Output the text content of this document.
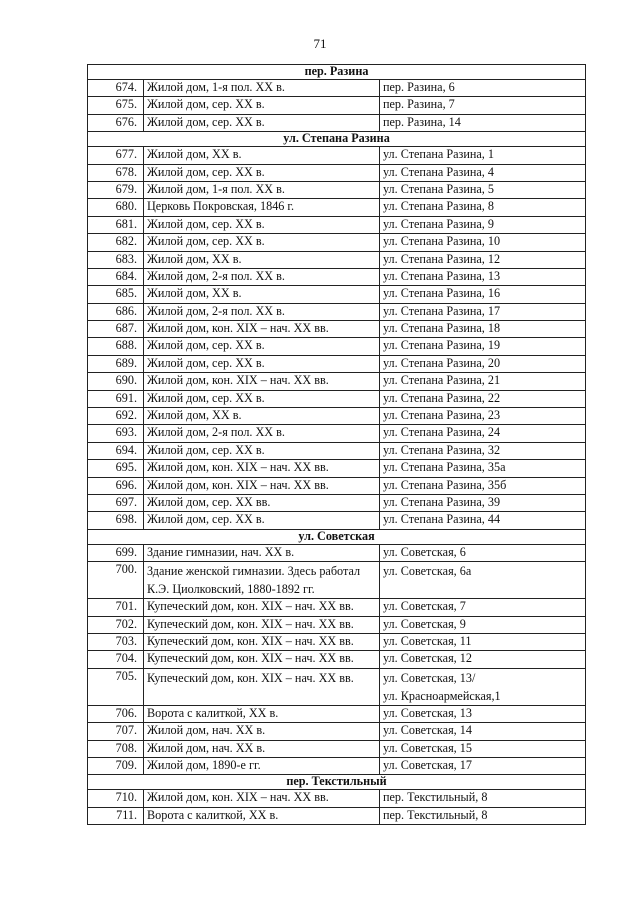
71
пер. Разина		
674.	Жилой дом, 1-я пол. XX в.	пер. Разина, 6
675.	Жилой дом, сер. XX в.	пер. Разина, 7
676.	Жилой дом, сер. XX в.	пер. Разина, 14
ул. Степана Разина		
677.	Жилой дом, XX в.	ул. Степана Разина, 1
678.	Жилой дом, сер. XX в.	ул. Степана Разина, 4
679.	Жилой дом, 1-я пол. XX в.	ул. Степана Разина, 5
680.	Церковь Покровская, 1846 г.	ул. Степана Разина, 8
681.	Жилой дом, сер. XX в.	ул. Степана Разина, 9
682.	Жилой дом, сер. XX в.	ул. Степана Разина, 10
683.	Жилой дом, XX в.	ул. Степана Разина, 12
684.	Жилой дом, 2-я пол. XX в.	ул. Степана Разина, 13
685.	Жилой дом, XX в.	ул. Степана Разина, 16
686.	Жилой дом, 2-я пол. XX в.	ул. Степана Разина, 17
687.	Жилой дом, кон. XIX – нач. XX вв.	ул. Степана Разина, 18
688.	Жилой дом, сер. XX в.	ул. Степана Разина, 19
689.	Жилой дом, сер. XX в.	ул. Степана Разина, 20
690.	Жилой дом, кон. XIX – нач. XX вв.	ул. Степана Разина, 21
691.	Жилой дом, сер. XX в.	ул. Степана Разина, 22
692.	Жилой дом, XX в.	ул. Степана Разина, 23
693.	Жилой дом, 2-я пол. XX в.	ул. Степана Разина, 24
694.	Жилой дом, сер. XX в.	ул. Степана Разина, 32
695.	Жилой дом, кон. XIX – нач. XX вв.	ул. Степана Разина, 35а
696.	Жилой дом, кон. XIX – нач. XX вв.	ул. Степана Разина, 35б
697.	Жилой дом, сер. XX вв.	ул. Степана Разина, 39
698.	Жилой дом, сер. XX в.	ул. Степана Разина, 44
ул. Советская		
699.	Здание гимназии, нач. XX в.	ул. Советская, 6
700.	Здание женской гимназии. Здесь работал
К.Э. Циолковский, 1880-1892 гг.	ул. Советская, 6а

701.	Купеческий дом, кон. XIX – нач. XX вв.	ул. Советская, 7
702.	Купеческий дом, кон. XIX – нач. XX вв.	ул. Советская, 9
703.	Купеческий дом, кон. XIX – нач. XX вв.	ул. Советская, 11
704.	Купеческий дом, кон. XIX – нач. XX вв.	ул. Советская, 12
705.	Купеческий дом, кон. XIX – нач. XX вв.	ул. Советская, 13/
ул. Красноармейская,1

706.	Ворота с калиткой, XX в.	ул. Советская, 13
707.	Жилой дом, нач. XX в.	ул. Советская, 14
708.	Жилой дом, нач. XX в.	ул. Советская, 15
709.	Жилой дом, 1890-е гг.	ул. Советская, 17
пер. Текстильный		
710.	Жилой дом, кон. XIX – нач. XX вв.	пер. Текстильный, 8
711.	Ворота с калиткой, XX в.	пер. Текстильный, 8
